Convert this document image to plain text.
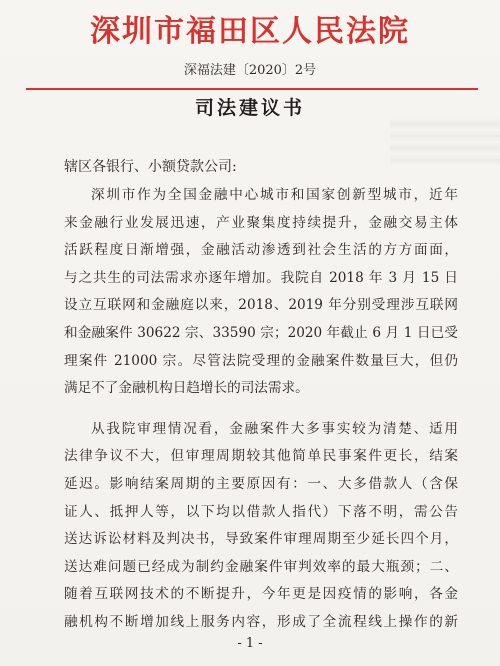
深圳市福田区人民法院
深福法建〔2020〕2号
司法建议书
辖区各银行、小额贷款公司:
深圳市作为全国金融中心城市和国家创新型城市，近年
来金融行业发展迅速，产业聚集度持续提升，金融交易主体
活跃程度日渐增强，金融活动渗透到社会生活的方方面面，
与之共生的司法需求亦逐年增加。我院自 2018 年 3 月 15 日
设立互联网和金融庭以来，2018、2019 年分别受理涉互联网
和金融案件 30622 宗、33590 宗；2020 年截止 6 月 1 日已受
理案件 21000 宗。尽管法院受理的金融案件数量巨大，但仍
满足不了金融机构日趋增长的司法需求。
从我院审理情况看，金融案件大多事实较为清楚、适用
法律争议不大，但审理周期较其他简单民事案件更长，结案
延迟。影响结案周期的主要原因有：一、大多借款人（含保
证人、抵押人等，以下均以借款人指代）下落不明，需公告
送达诉讼材料及判决书，导致案件审理周期至少延长四个月，
送达难问题已经成为制约金融案件审判效率的最大瓶颈；二、
随着互联网技术的不断提升，今年更是因疫情的影响，各金
融机构不断增加线上服务内容，形成了全流程线上操作的新
- 1 -
